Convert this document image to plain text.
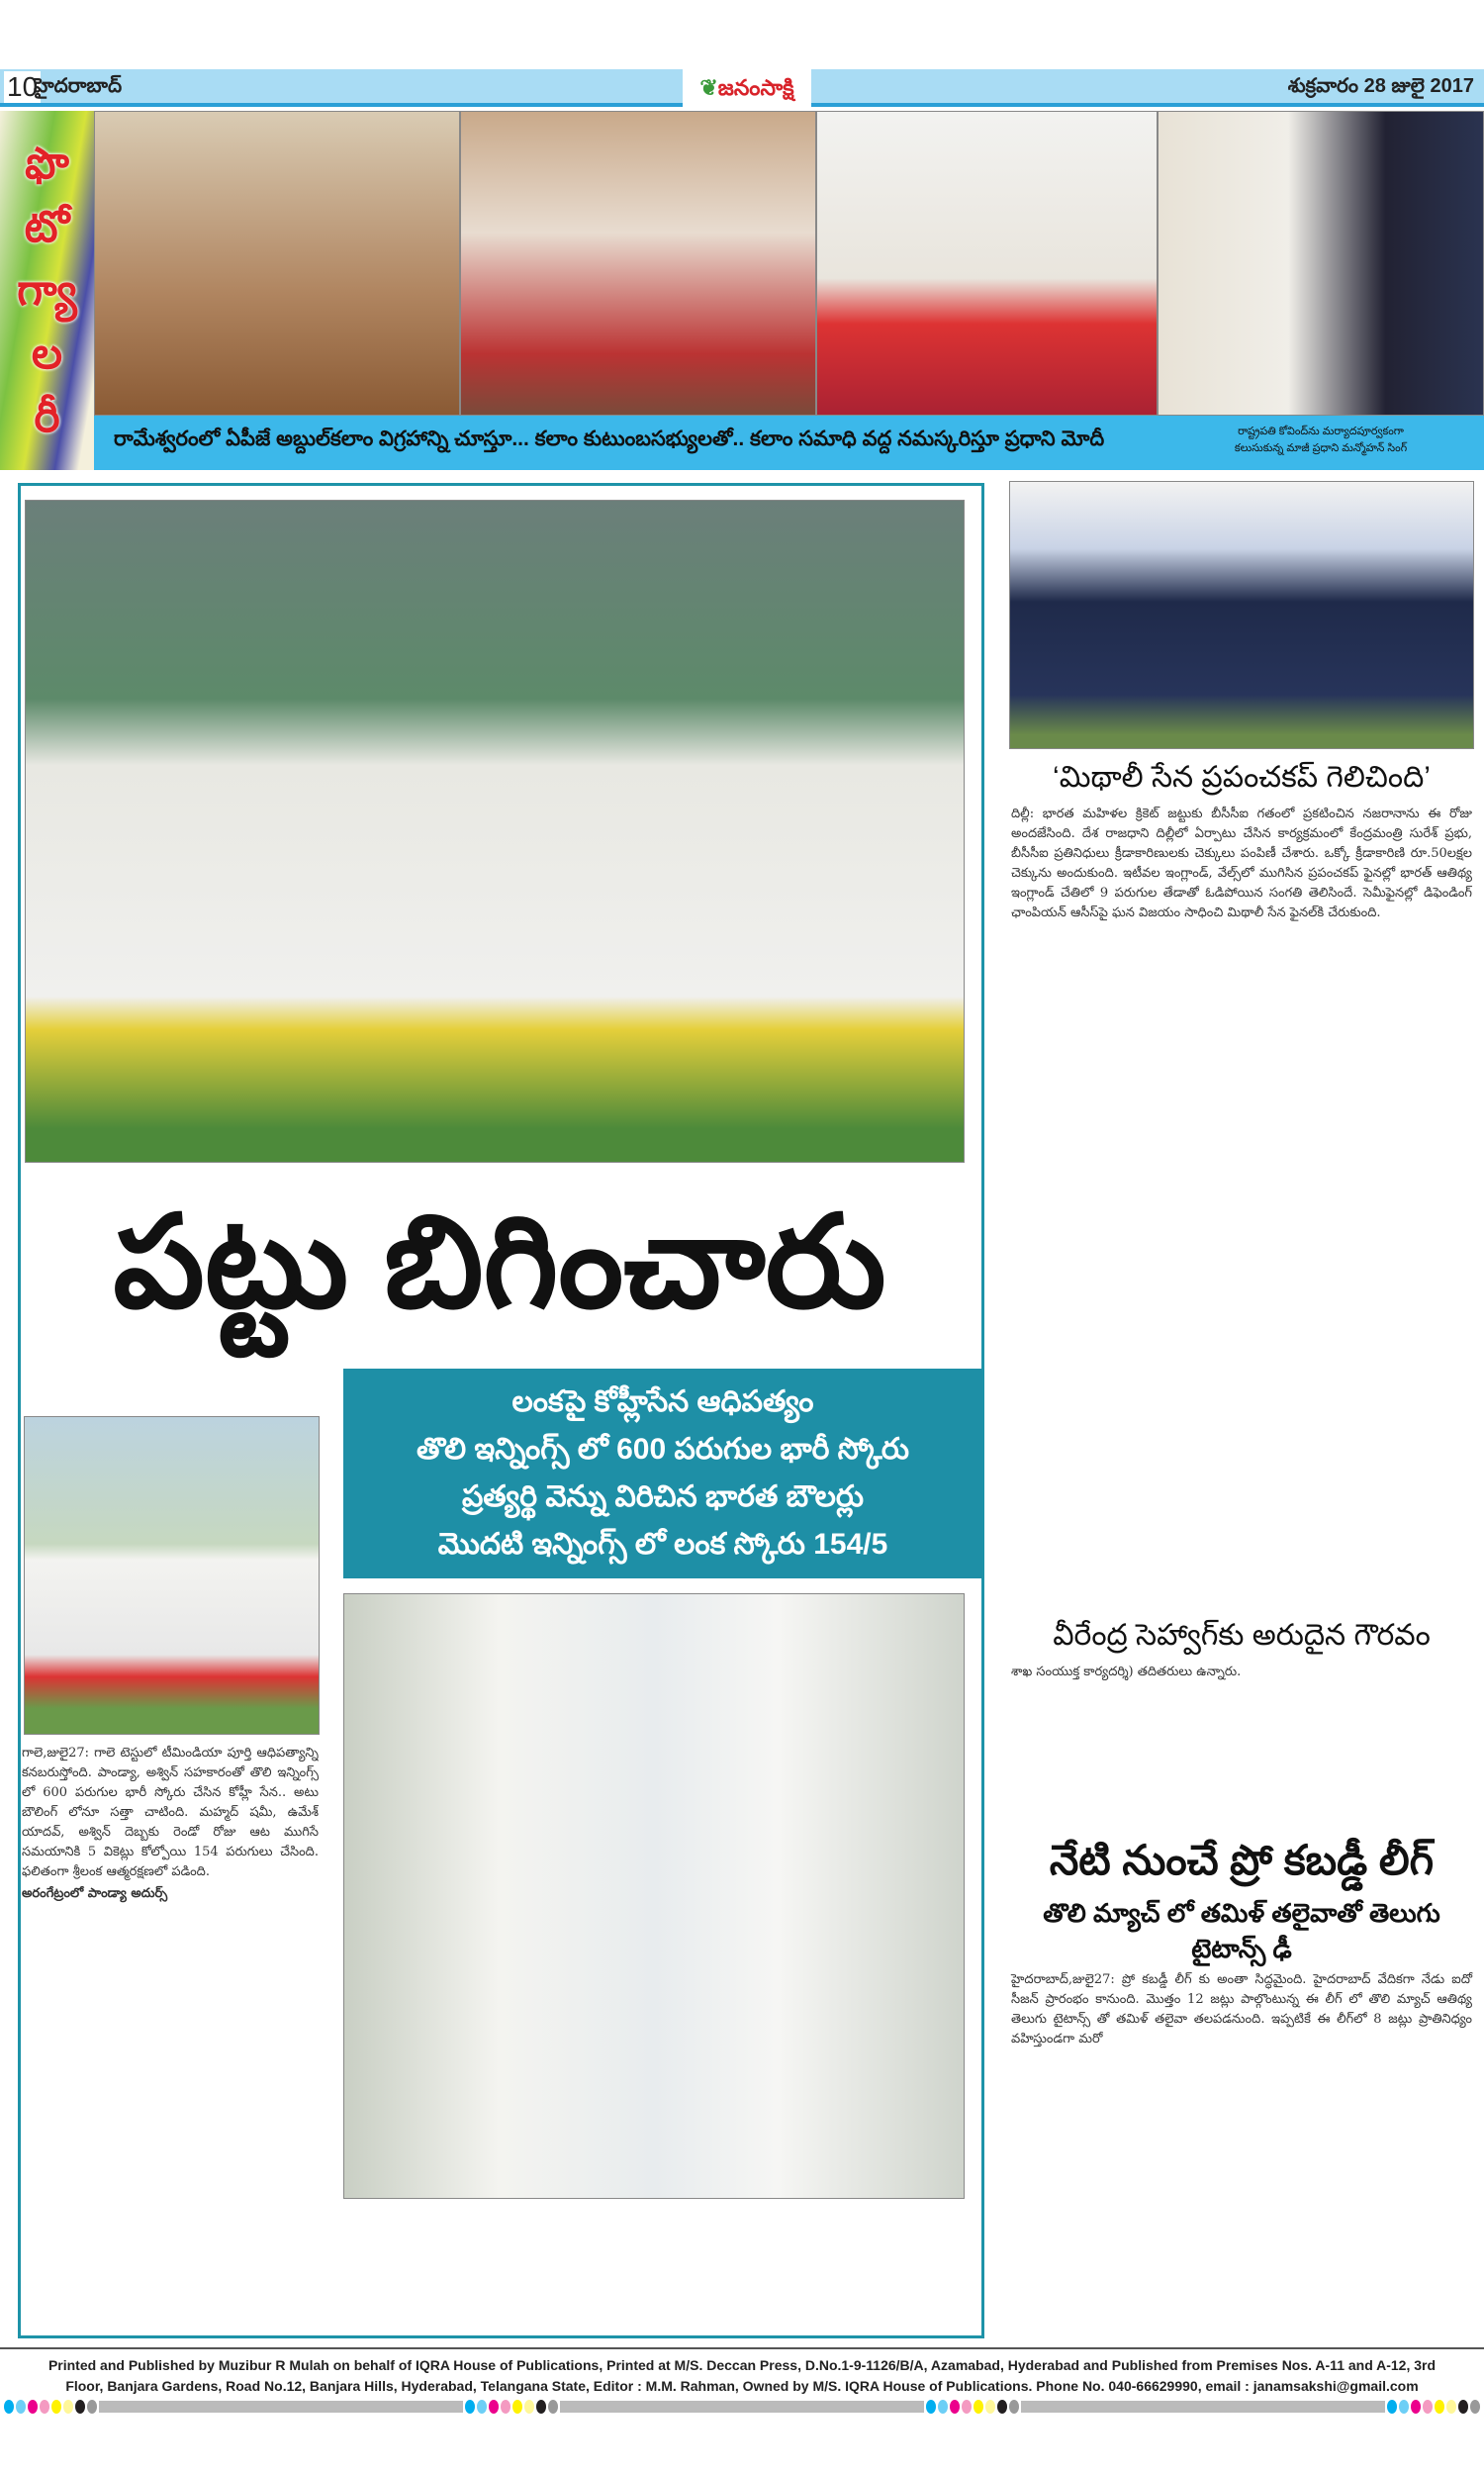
10
హైదరాబాద్	❦జనంసాక్షి	శుక్రవారం 28 జులై 2017
ఫొ
టో
గ్యా
ల
రీ	రామేశ్వరంలో ఏపీజే అబ్దుల్‌కలాం విగ్రహాన్ని చూస్తూ... కలాం కుటుంబసభ్యులతో.. కలాం సమాధి వద్ద నమస్కరిస్తూ ప్రధాని మోదీ	రాష్ట్రపతి కోవింద్‌ను మర్యాదపూర్వకంగా
కలుసుకున్న మాజీ ప్రధాని మన్మోహన్ సింగ్
పట్టు బిగించారు
లంకపై కోహ్లీసేన ఆధిపత్యం
తొలి ఇన్నింగ్స్ లో 600 పరుగుల భారీ స్కోరు
ప్రత్యర్థి వెన్ను విరిచిన భారత బౌలర్లు
మొదటి ఇన్నింగ్స్ లో లంక స్కోరు 154/5

గాలె,జులై27: గాలె టెస్టులో టీమిండియా పూర్తి ఆధిపత్యాన్ని కనబరుస్తోంది. పాండ్యా, అశ్విన్ సహకారంతో తొలి ఇన్నింగ్స్ లో 600 పరుగుల భారీ స్కోరు చేసిన కోహ్లీ సేన.. అటు బౌలింగ్ లోనూ సత్తా చాటింది. మహ్మద్ షమీ, ఉమేశ్ యాదవ్, అశ్విన్ దెబ్బకు రెండో రోజు ఆట ముగిసే సమయానికి 5 వికెట్లు కోల్పోయి 154 పరుగులు చేసింది. ఫలితంగా శ్రీలంక ఆత్మరక్షణలో పడింది.

అరంగేట్రంలో పాండ్యా అదుర్స్

‘మిథాలీ సేన ప్రపంచకప్ గెలిచింది’

దిల్లీ: భారత మహిళల క్రికెట్ జట్టుకు బీసీసీఐ గతంలో ప్రకటించిన నజరానాను ఈ రోజు అందజేసింది. దేశ రాజధాని దిల్లీలో ఏర్పాటు చేసిన కార్యక్రమంలో కేంద్రమంత్రి సురేశ్ ప్రభు, బీసీసీఐ ప్రతినిధులు క్రీడాకారిణులకు చెక్కులు పంపిణీ చేశారు. ఒక్కో క్రీడాకారిణి రూ.50లక్షల చెక్కును అందుకుంది. ఇటీవల ఇంగ్లాండ్, వేల్స్‌లో ముగిసిన ప్రపంచకప్ ఫైనల్లో భారత్ ఆతిథ్య ఇంగ్లాండ్ చేతిలో 9 పరుగుల తేడాతో ఓడిపోయిన సంగతి తెలిసిందే. సెమీఫైనల్లో డిఫెండింగ్ ఛాంపియన్ ఆసీస్‌పై ఘన విజయం సాధించి మిథాలీ సేన ఫైనల్‌కి చేరుకుంది.

వీరేంద్ర సెహ్వాగ్‌కు అరుదైన గౌరవం

శాఖ సంయుక్త కార్యదర్శి) తదితరులు ఉన్నారు.

నేటి నుంచే ప్రో కబడ్డీ లీగ్
తొలి మ్యాచ్ లో తమిళ్ తలైవాతో తెలుగు టైటాన్స్ ఢీ

హైదరాబాద్,జులై27: ప్రో కబడ్డీ లీగ్ కు అంతా సిద్ధమైంది. హైదరాబాద్ వేదికగా నేడు ఐదో సీజన్ ప్రారంభం కానుంది. మొత్తం 12 జట్లు పాల్గొంటున్న ఈ లీగ్ లో తొలి మ్యాచ్ ఆతిథ్య తెలుగు టైటాన్స్ తో తమిళ్ తలైవా తలపడనుంది. ఇప్పటికే ఈ లీగ్‌లో 8 జట్లు ప్రాతినిధ్యం వహిస్తుండగా మరో

Printed and Published by Muzibur R Mulah on behalf of IQRA House of Publications, Printed at M/S. Deccan Press, D.No.1-9-1126/B/A, Azamabad, Hyderabad and Published from Premises Nos. A-11 and A-12, 3rd
Floor, Banjara Gardens, Road No.12, Banjara Hills, Hyderabad, Telangana State, Editor : M.M. Rahman, Owned by M/S. IQRA House of Publications. Phone No. 040-66629990, email : janamsakshi@gmail.com
